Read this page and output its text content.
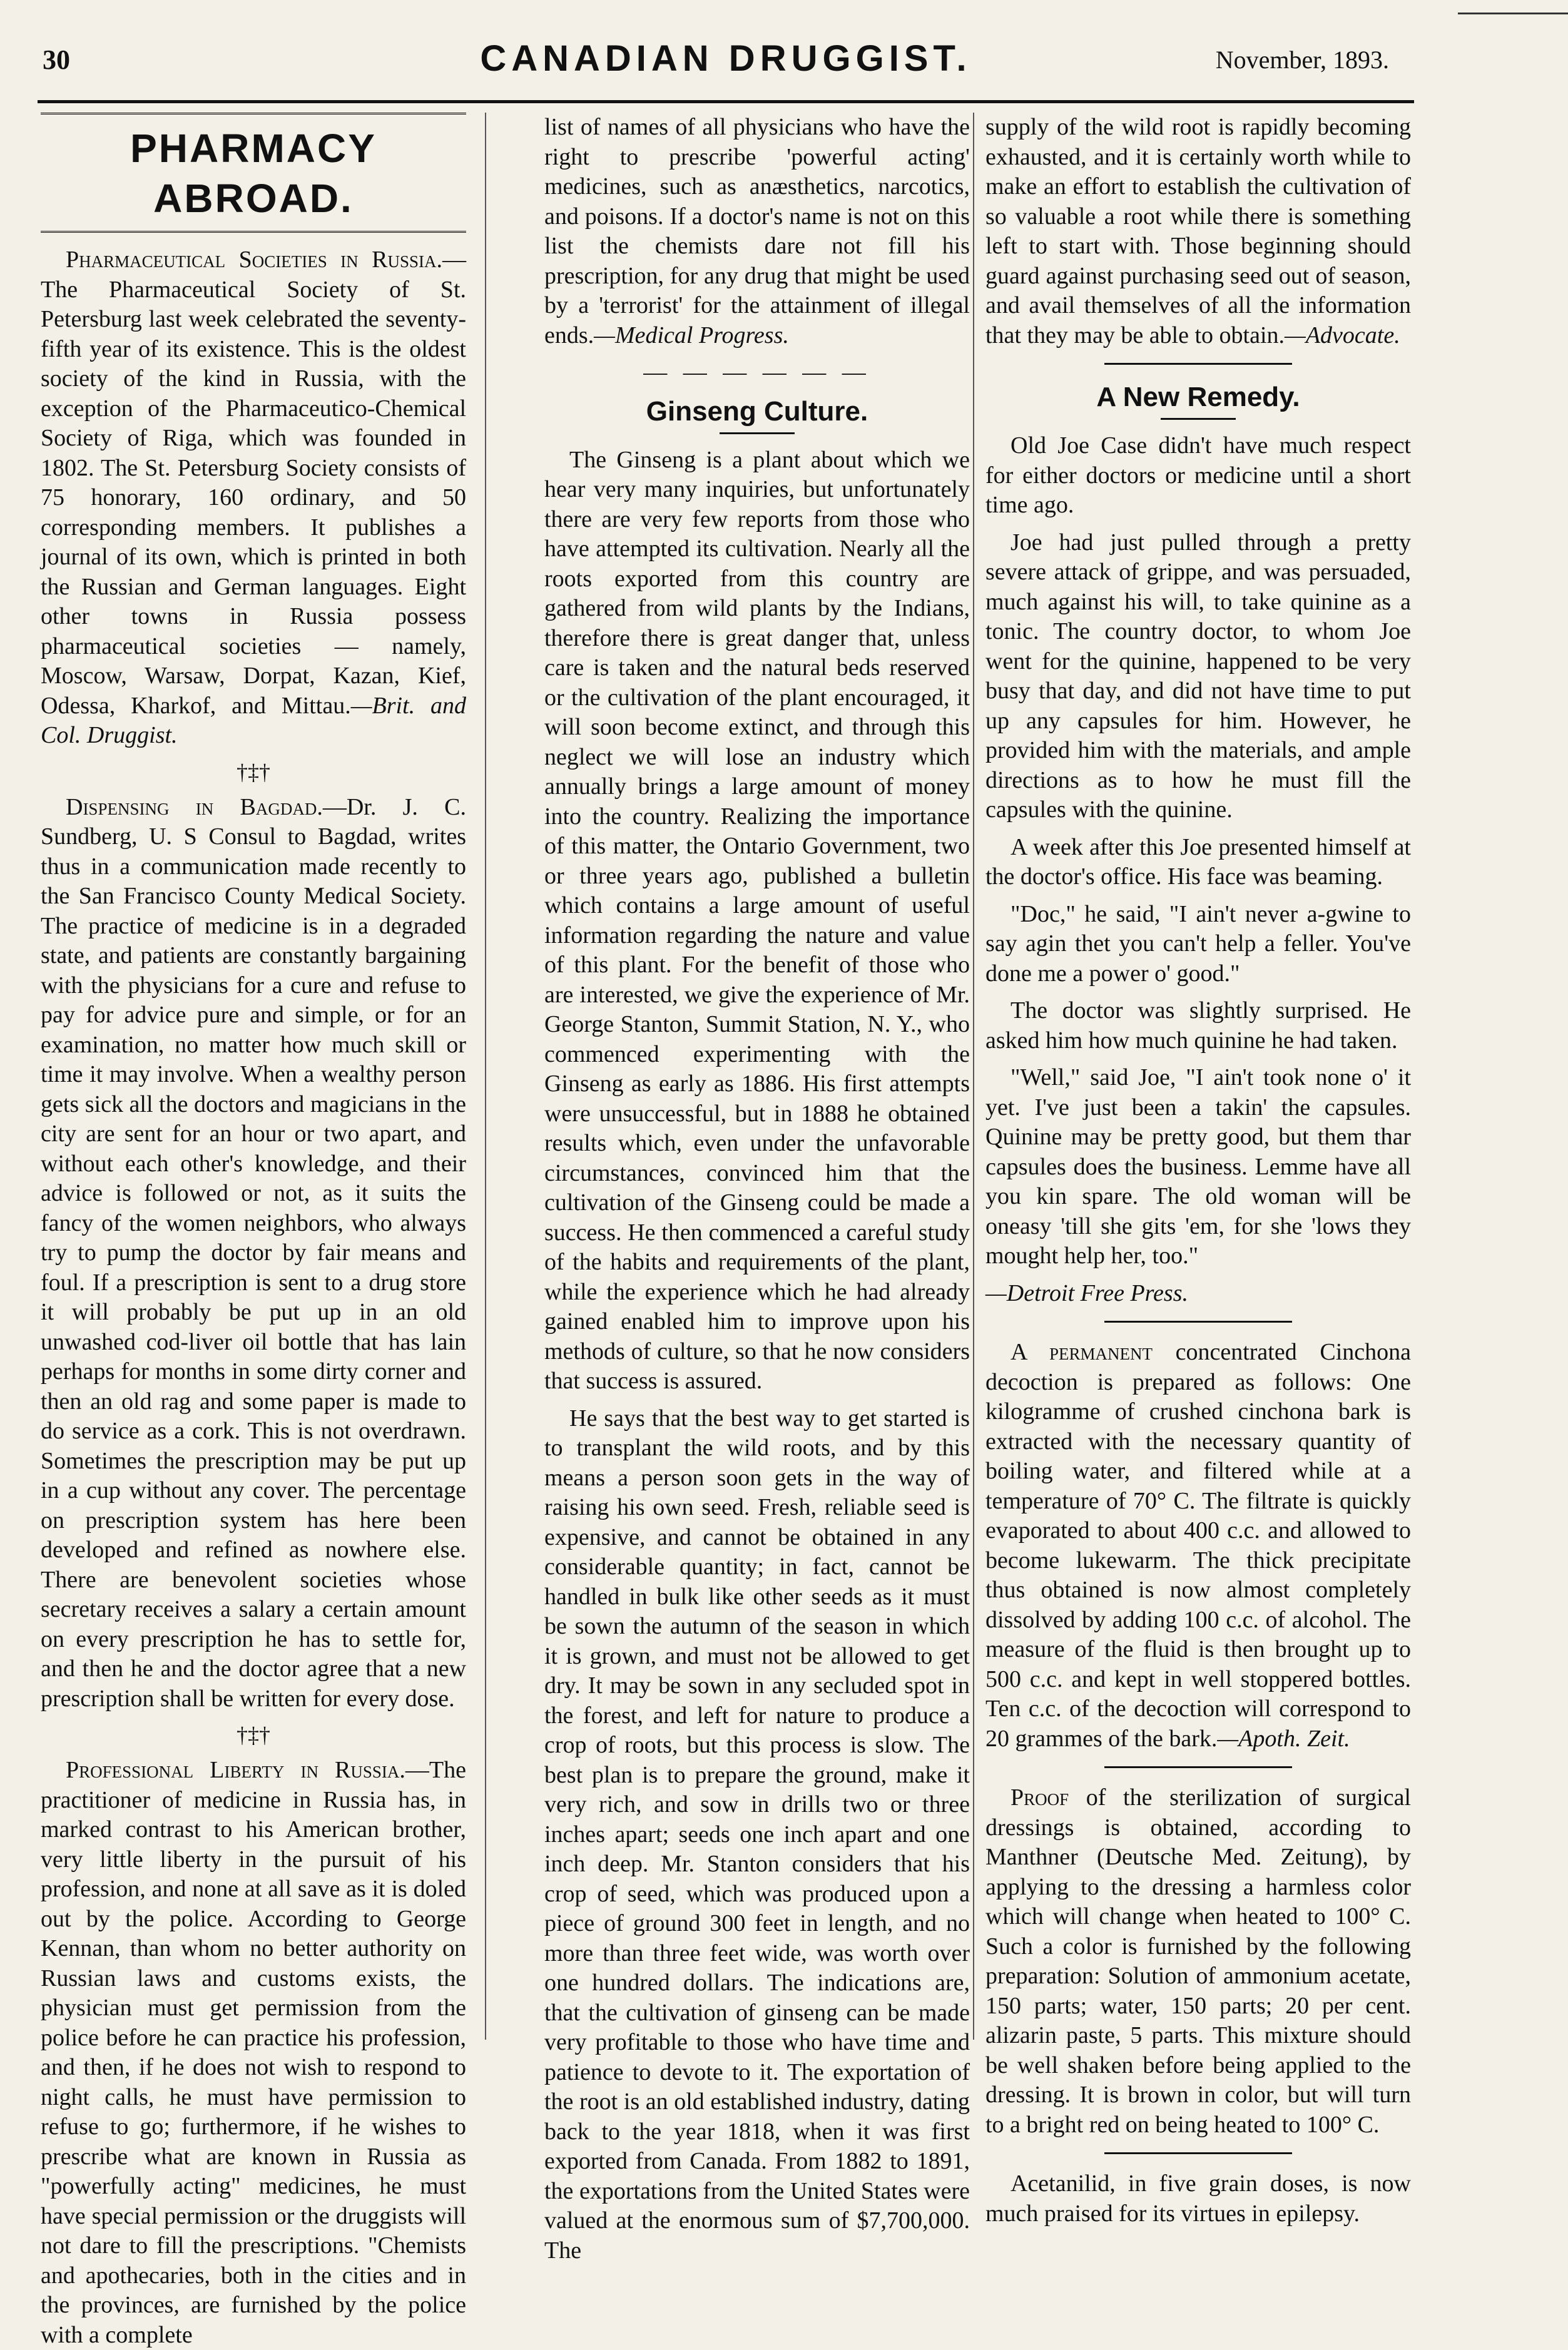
30	CANADIAN DRUGGIST.	November, 1893.
PHARMACY ABROAD.

Pharmaceutical Societies in Russia.—The Pharmaceutical Society of St. Petersburg last week celebrated the seventy-fifth year of its existence. This is the oldest society of the kind in Russia, with the exception of the Pharmaceutico-Chemical Society of Riga, which was founded in 1802. The St. Petersburg Society consists of 75 honorary, 160 ordinary, and 50 corresponding members. It publishes a journal of its own, which is printed in both the Russian and German languages. Eight other towns in Russia possess pharmaceutical societies — namely, Moscow, Warsaw, Dorpat, Kazan, Kief, Odessa, Kharkof, and Mittau.—Brit. and Col. Druggist.

†‡†

Dispensing in Bagdad.—Dr. J. C. Sundberg, U. S Consul to Bagdad, writes thus in a communication made recently to the San Francisco County Medical Society. The practice of medicine is in a degraded state, and patients are constantly bargaining with the physicians for a cure and refuse to pay for advice pure and simple, or for an examination, no matter how much skill or time it may involve. When a wealthy person gets sick all the doctors and magicians in the city are sent for an hour or two apart, and without each other's knowledge, and their advice is followed or not, as it suits the fancy of the women neighbors, who always try to pump the doctor by fair means and foul. If a prescription is sent to a drug store it will probably be put up in an old unwashed cod-liver oil bottle that has lain perhaps for months in some dirty corner and then an old rag and some paper is made to do service as a cork. This is not overdrawn. Sometimes the prescription may be put up in a cup without any cover. The percentage on prescription system has here been developed and refined as nowhere else. There are benevolent societies whose secretary receives a salary a certain amount on every prescription he has to settle for, and then he and the doctor agree that a new prescription shall be written for every dose.

†‡†

Professional Liberty in Russia.—The practitioner of medicine in Russia has, in marked contrast to his American brother, very little liberty in the pursuit of his profession, and none at all save as it is doled out by the police. According to George Kennan, than whom no better authority on Russian laws and customs exists, the physician must get permission from the police before he can practice his profession, and then, if he does not wish to respond to night calls, he must have permission to refuse to go; furthermore, if he wishes to prescribe what are known in Russia as "powerfully acting" medicines, he must have special permission or the druggists will not dare to fill the prescriptions. "Chemists and apothecaries, both in the cities and in the provinces, are furnished by the police with a complete

list of names of all physicians who have the right to prescribe 'powerful acting' medicines, such as anæsthetics, narcotics, and poisons. If a doctor's name is not on this list the chemists dare not fill his prescription, for any drug that might be used by a 'terrorist' for the attainment of illegal ends.—Medical Progress.

— — — — — —
Ginseng Culture.

The Ginseng is a plant about which we hear very many inquiries, but unfortunately there are very few reports from those who have attempted its cultivation. Nearly all the roots exported from this country are gathered from wild plants by the Indians, therefore there is great danger that, unless care is taken and the natural beds reserved or the cultivation of the plant encouraged, it will soon become extinct, and through this neglect we will lose an industry which annually brings a large amount of money into the country. Realizing the importance of this matter, the Ontario Government, two or three years ago, published a bulletin which contains a large amount of useful information regarding the nature and value of this plant. For the benefit of those who are interested, we give the experience of Mr. George Stanton, Summit Station, N. Y., who commenced experimenting with the Ginseng as early as 1886. His first attempts were unsuccessful, but in 1888 he obtained results which, even under the unfavorable circumstances, convinced him that the cultivation of the Ginseng could be made a success. He then commenced a careful study of the habits and requirements of the plant, while the experience which he had already gained enabled him to improve upon his methods of culture, so that he now considers that success is assured.

He says that the best way to get started is to transplant the wild roots, and by this means a person soon gets in the way of raising his own seed. Fresh, reliable seed is expensive, and cannot be obtained in any considerable quantity; in fact, cannot be handled in bulk like other seeds as it must be sown the autumn of the season in which it is grown, and must not be allowed to get dry. It may be sown in any secluded spot in the forest, and left for nature to produce a crop of roots, but this process is slow. The best plan is to prepare the ground, make it very rich, and sow in drills two or three inches apart; seeds one inch apart and one inch deep. Mr. Stanton considers that his crop of seed, which was produced upon a piece of ground 300 feet in length, and no more than three feet wide, was worth over one hundred dollars. The indications are, that the cultivation of ginseng can be made very profitable to those who have time and patience to devote to it. The exportation of the root is an old established industry, dating back to the year 1818, when it was first exported from Canada. From 1882 to 1891, the exportations from the United States were valued at the enormous sum of $7,700,000. The

supply of the wild root is rapidly becoming exhausted, and it is certainly worth while to make an effort to establish the cultivation of so valuable a root while there is something left to start with. Those beginning should guard against purchasing seed out of season, and avail themselves of all the information that they may be able to obtain.—Advocate.

A New Remedy.

Old Joe Case didn't have much respect for either doctors or medicine until a short time ago.

Joe had just pulled through a pretty severe attack of grippe, and was persuaded, much against his will, to take quinine as a tonic. The country doctor, to whom Joe went for the quinine, happened to be very busy that day, and did not have time to put up any capsules for him. However, he provided him with the materials, and ample directions as to how he must fill the capsules with the quinine.

A week after this Joe presented himself at the doctor's office. His face was beaming.

"Doc," he said, "I ain't never a-gwine to say agin thet you can't help a feller. You've done me a power o' good."

The doctor was slightly surprised. He asked him how much quinine he had taken.

"Well," said Joe, "I ain't took none o' it yet. I've just been a takin' the capsules. Quinine may be pretty good, but them thar capsules does the business. Lemme have all you kin spare. The old woman will be oneasy 'till she gits 'em, for she 'lows they mought help her, too."

—Detroit Free Press.

A permanent concentrated Cinchona decoction is prepared as follows: One kilogramme of crushed cinchona bark is extracted with the necessary quantity of boiling water, and filtered while at a temperature of 70° C. The filtrate is quickly evaporated to about 400 c.c. and allowed to become lukewarm. The thick precipitate thus obtained is now almost completely dissolved by adding 100 c.c. of alcohol. The measure of the fluid is then brought up to 500 c.c. and kept in well stoppered bottles. Ten c.c. of the decoction will correspond to 20 grammes of the bark.—Apoth. Zeit.

Proof of the sterilization of surgical dressings is obtained, according to Manthner (Deutsche Med. Zeitung), by applying to the dressing a harmless color which will change when heated to 100° C. Such a color is furnished by the following preparation: Solution of ammonium acetate, 150 parts; water, 150 parts; 20 per cent. alizarin paste, 5 parts. This mixture should be well shaken before being applied to the dressing. It is brown in color, but will turn to a bright red on being heated to 100° C.

Acetanilid, in five grain doses, is now much praised for its virtues in epilepsy.
